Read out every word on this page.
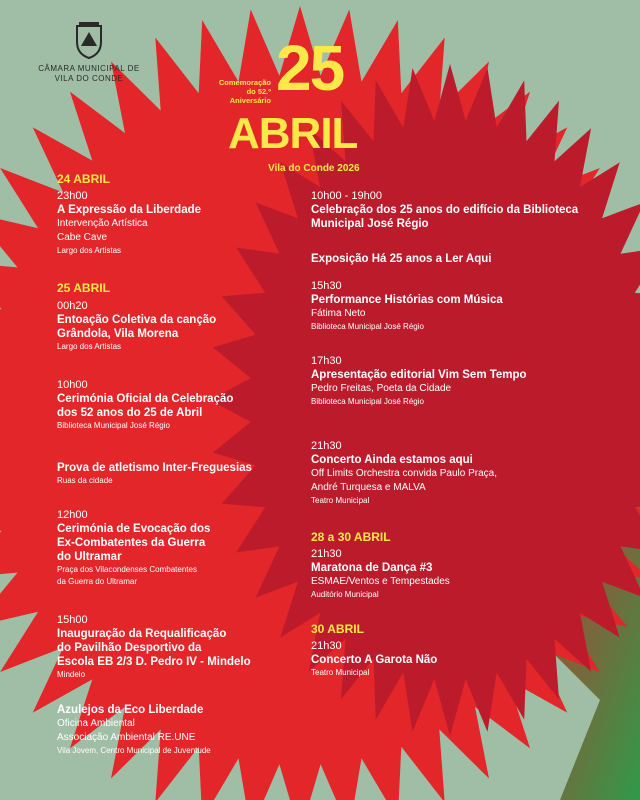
CÂMARA MUNICIPAL DE VILA DO CONDE	Comemoração do 52.º Aniversário 25
ABRIL
Vila do Conde 2026
24 ABRIL
23h00
A Expressão da Liberdade
Intervenção Artística
Cabe Cave
Largo dos Artistas
25 ABRIL
00h20
Entoação Coletiva da canção
Grândola, Vila Morena
Largo dos Artistas
10h00
Cerimónia Oficial da Celebração
dos 52 anos do 25 de Abril
Biblioteca Municipal José Régio
Prova de atletismo Inter-Freguesias
Ruas da cidade
12h00
Cerimónia de Evocação dos
Ex-Combatentes da Guerra
do Ultramar
Praça dos Vilacondenses Combatentes
da Guerra do Ultramar
15h00
Inauguração da Requalificação
do Pavilhão Desportivo da
Escola EB 2/3 D. Pedro IV - Mindelo
Mindelo
Azulejos da Eco Liberdade
Oficina Ambiental
Associação Ambiental RE.UNE
Vila Jovem, Centro Municipal de Juventude
10h00 - 19h00
Celebração dos 25 anos do edifício da Biblioteca
Municipal José Régio
Exposição Há 25 anos a Ler Aqui
15h30
Performance Histórias com Música
Fátima Neto
Biblioteca Municipal José Régio
17h30
Apresentação editorial Vim Sem Tempo
Pedro Freitas, Poeta da Cidade
Biblioteca Municipal José Régio
21h30
Concerto Ainda estamos aqui
Off Limits Orchestra convida Paulo Praça,
André Turquesa e MALVA
Teatro Municipal
28 a 30 ABRIL
21h30
Maratona de Dança #3
ESMAE/Ventos e Tempestades
Auditório Municipal
30 ABRIL
21h30
Concerto A Garota Não
Teatro Municipal
